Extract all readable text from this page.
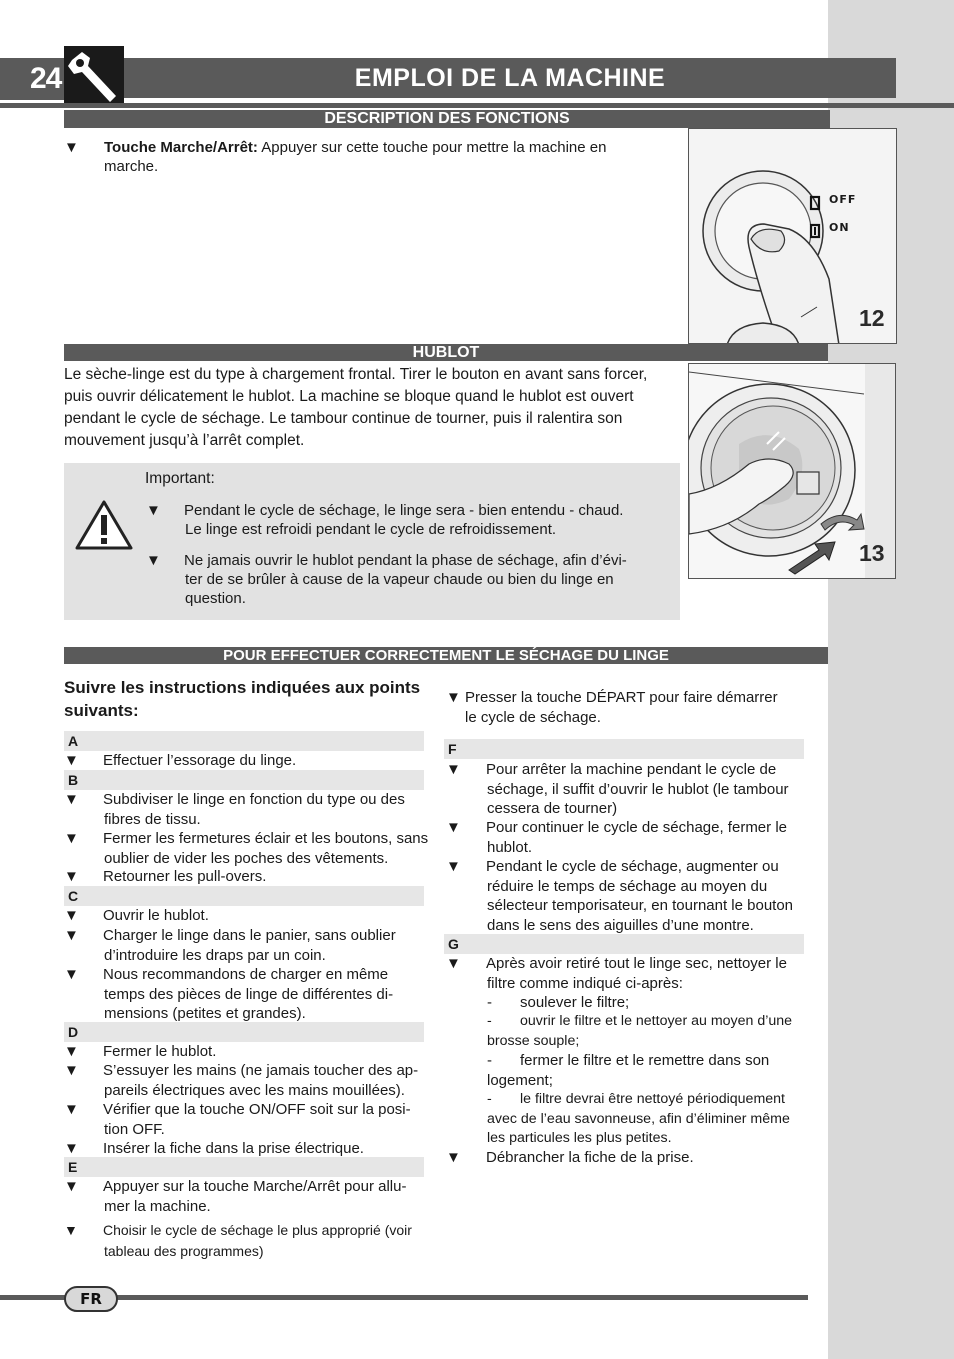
24	EMPLOI DE LA MACHINE
DESCRIPTION DES FONCTIONS
▼ Touche Marche/Arrêt: Appuyer sur cette touche pour mettre la machine en
marche.
OFF
ON
12
HUBLOT
Le sèche-linge est du type à chargement frontal. Tirer le bouton en avant sans forcer,
puis ouvrir délicatement le hublot. La machine se bloque quand le hublot est ouvert
pendant le cycle de séchage. Le tambour continue de tourner, puis il ralentira son
mouvement jusqu’à l’arrêt complet.
13
Important:
▼ Pendant le cycle de séchage, le linge sera - bien entendu - chaud.
Le linge est refroidi pendant le cycle de refroidissement.
▼ Ne jamais ouvrir le hublot pendant la phase de séchage, afin d’évi-
ter de se brûler à cause de la vapeur chaude ou bien du linge en
question.
POUR EFFECTUER CORRECTEMENT LE SÉCHAGE DU LINGE
Suivre les instructions indiquées aux points
suivants:
A
▼ Effectuer l’essorage du linge.
B
▼ Subdiviser le linge en fonction du type ou des
fibres de tissu.
▼ Fermer les fermetures éclair et les boutons, sans
oublier de vider les poches des vêtements.
▼ Retourner les pull-overs.
C
▼ Ouvrir le hublot.
▼ Charger le linge dans le panier, sans oublier
d’introduire les draps par un coin.
▼ Nous recommandons de charger en même
temps des pièces de linge de différentes di-
mensions (petites et grandes).
D
▼ Fermer le hublot.
▼ S’essuyer les mains (ne jamais toucher des ap-
pareils électriques avec les mains mouillées).
▼ Vérifier que la touche ON/OFF soit sur la posi-
tion OFF.
▼ Insérer la fiche dans la prise électrique.
E
▼ Appuyer sur la touche Marche/Arrêt pour allu-
mer la machine.
▼ Choisir le cycle de séchage le plus approprié (voir
tableau des programmes)
▼ Presser la touche DÉPART pour faire démarrer
le cycle de séchage.
F
▼ Pour arrêter la machine pendant le cycle de
séchage, il suffit d’ouvrir le hublot (le tambour
cessera de tourner)
▼ Pour continuer le cycle de séchage, fermer le
hublot.
▼ Pendant le cycle de séchage, augmenter ou
réduire le temps de séchage au moyen du
sélecteur temporisateur, en tournant le bouton
dans le sens des aiguilles d’une montre.
G
▼ Après avoir retiré tout le linge sec, nettoyer le
filtre comme indiqué ci-après:
- soulever le filtre;
- ouvrir le filtre et le nettoyer au moyen d’une
brosse souple;
- fermer le filtre et le remettre dans son
logement;
- le filtre devrai être nettoyé périodiquement
avec de l’eau savonneuse, afin d’éliminer même
les particules les plus petites.
▼ Débrancher la fiche de la prise.
FR
